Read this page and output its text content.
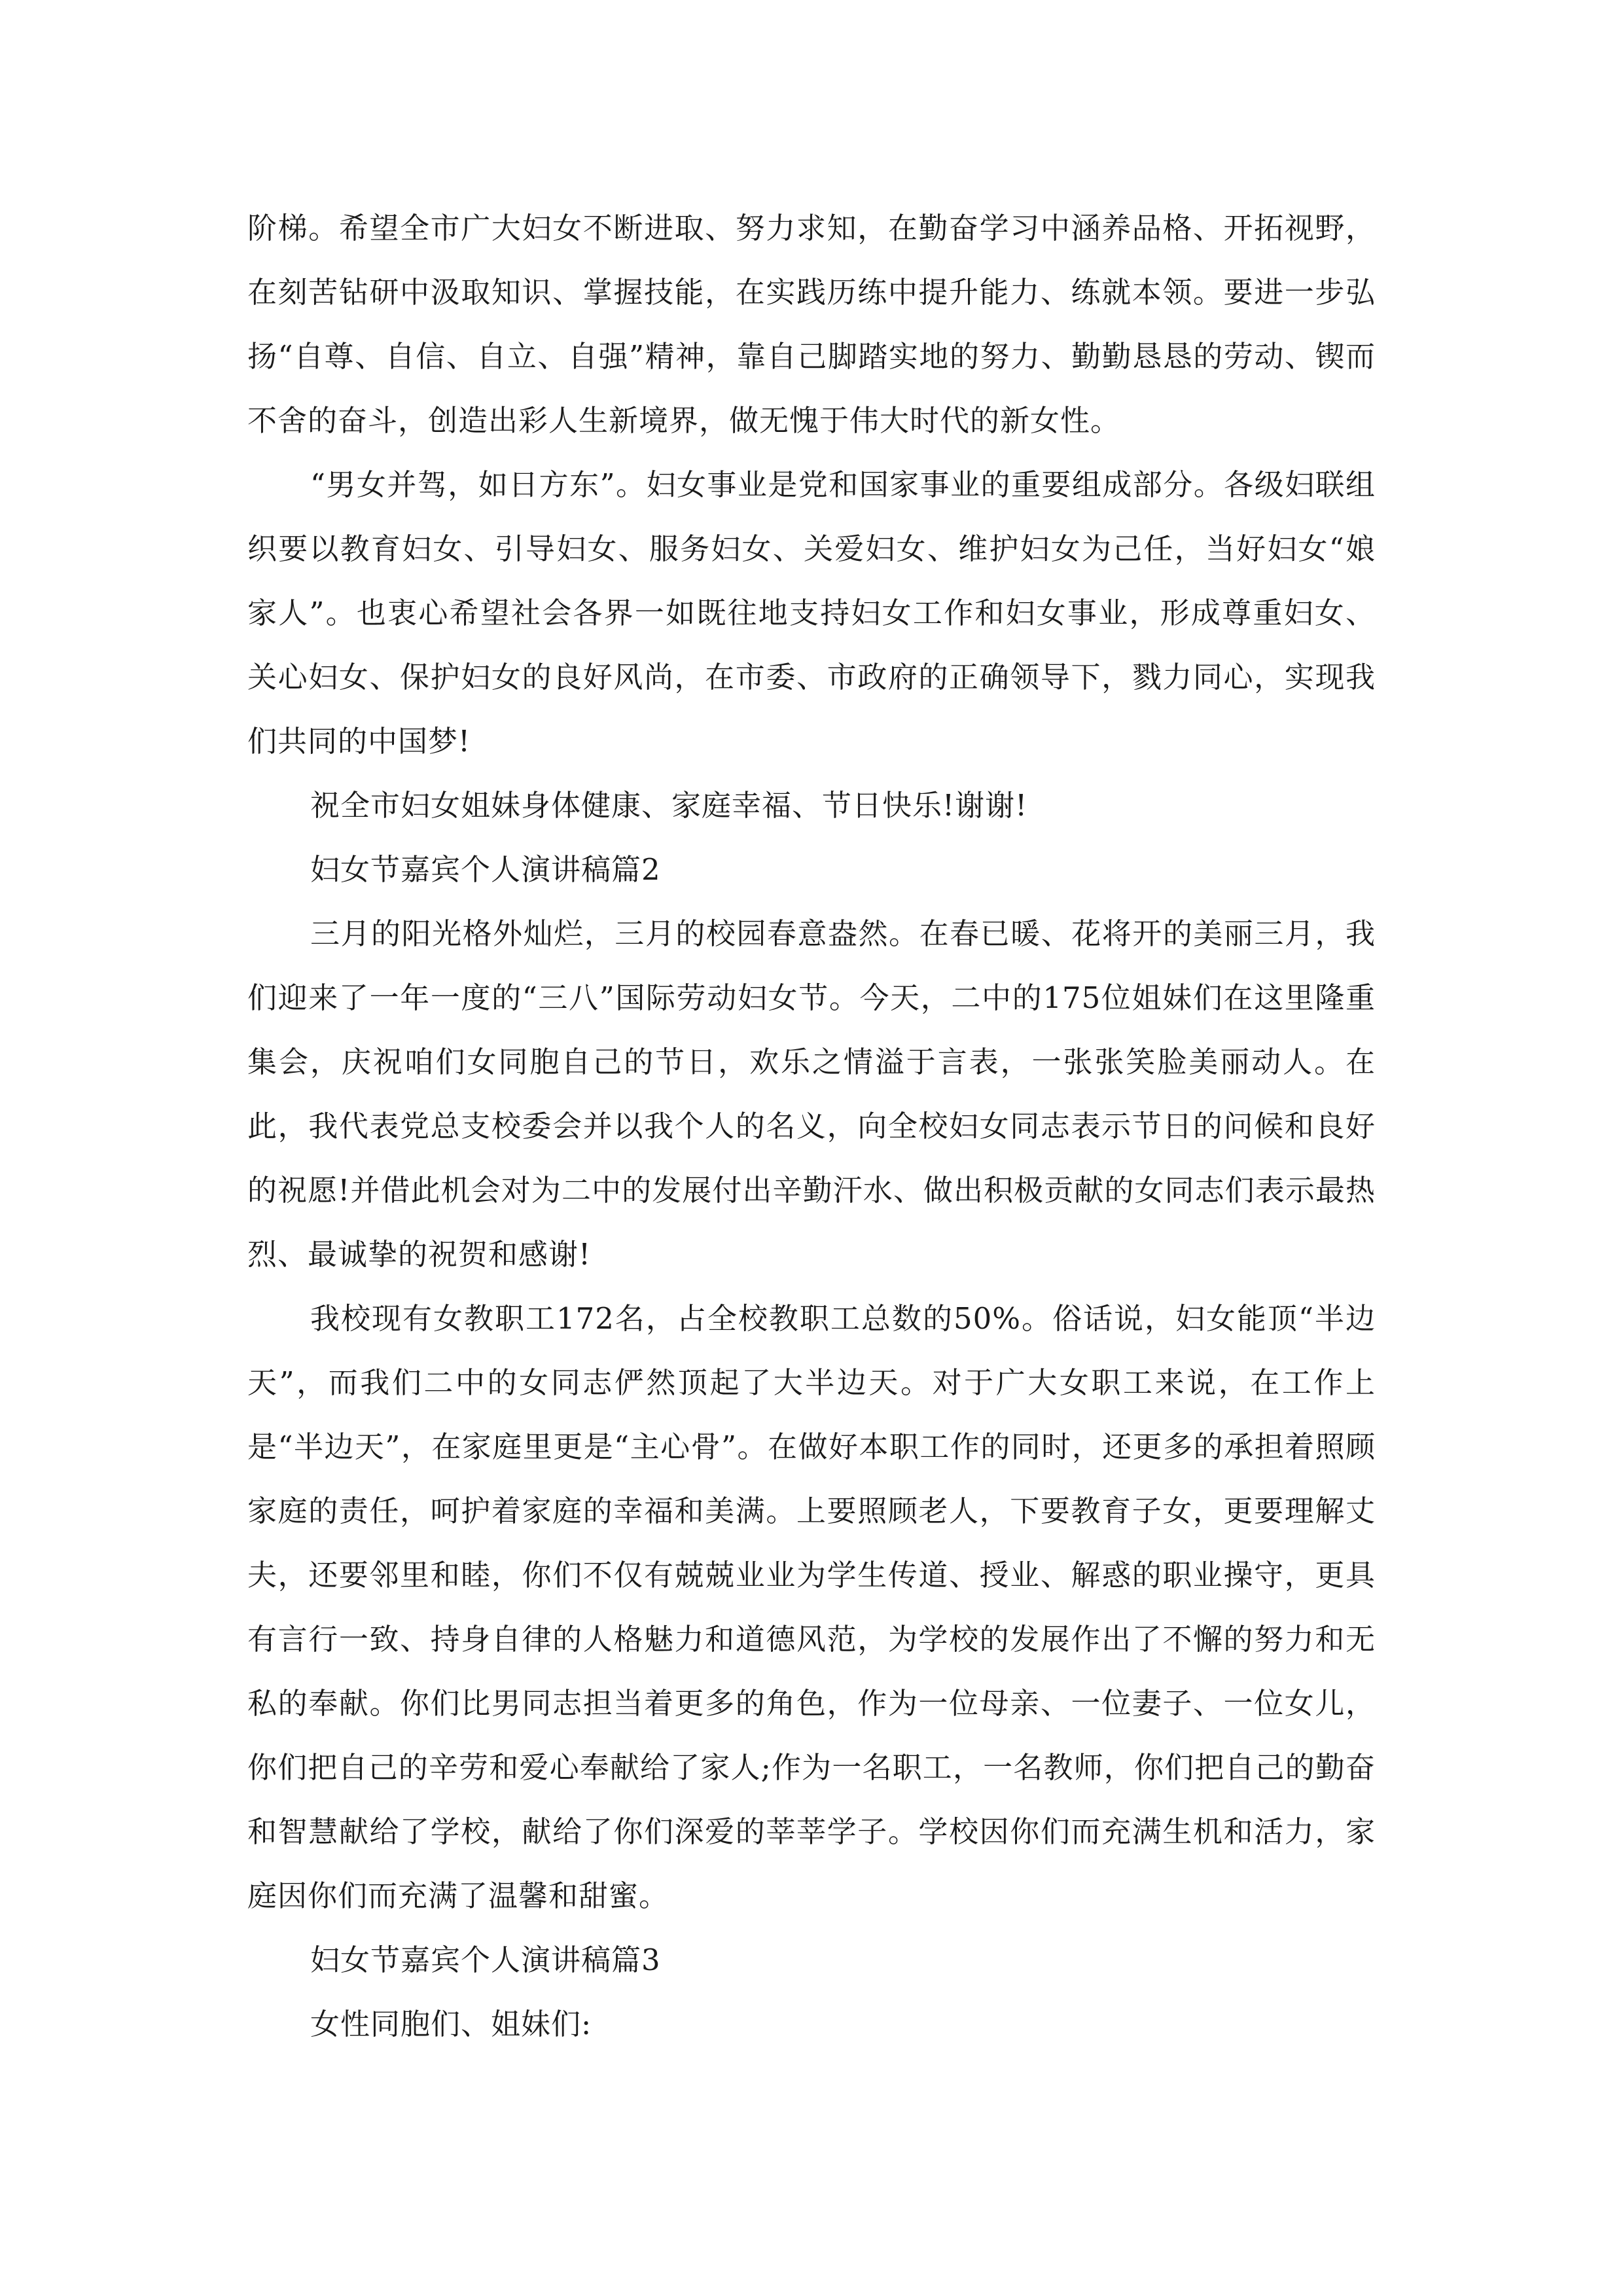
阶梯。希望全市广大妇女不断进取、努力求知，在勤奋学习中涵养品格、开拓视野，在刻苦钻研中汲取知识、掌握技能，在实践历练中提升能力、练就本领。要进一步弘扬“自尊、自信、自立、自强”精神，靠自己脚踏实地的努力、勤勤恳恳的劳动、锲而不舍的奋斗，创造出彩人生新境界，做无愧于伟大时代的新女性。

“男女并驾，如日方东”。妇女事业是党和国家事业的重要组成部分。各级妇联组织要以教育妇女、引导妇女、服务妇女、关爱妇女、维护妇女为己任，当好妇女“娘家人”。也衷心希望社会各界一如既往地支持妇女工作和妇女事业，形成尊重妇女、关心妇女、保护妇女的良好风尚，在市委、市政府的正确领导下，戮力同心，实现我们共同的中国梦!

祝全市妇女姐妹身体健康、家庭幸福、节日快乐!谢谢!

妇女节嘉宾个人演讲稿篇2

三月的阳光格外灿烂，三月的校园春意盎然。在春已暖、花将开的美丽三月，我们迎来了一年一度的“三八”国际劳动妇女节。今天，二中的175位姐妹们在这里隆重集会，庆祝咱们女同胞自己的节日，欢乐之情溢于言表，一张张笑脸美丽动人。在此，我代表党总支校委会并以我个人的名义，向全校妇女同志表示节日的问候和良好的祝愿!并借此机会对为二中的发展付出辛勤汗水、做出积极贡献的女同志们表示最热烈、最诚挚的祝贺和感谢!

我校现有女教职工172名，占全校教职工总数的50%。俗话说，妇女能顶“半边天”，而我们二中的女同志俨然顶起了大半边天。对于广大女职工来说，在工作上是“半边天”，在家庭里更是“主心骨”。在做好本职工作的同时，还更多的承担着照顾家庭的责任，呵护着家庭的幸福和美满。上要照顾老人，下要教育子女，更要理解丈夫，还要邻里和睦，你们不仅有兢兢业业为学生传道、授业、解惑的职业操守，更具有言行一致、持身自律的人格魅力和道德风范，为学校的发展作出了不懈的努力和无私的奉献。你们比男同志担当着更多的角色，作为一位母亲、一位妻子、一位女儿，你们把自己的辛劳和爱心奉献给了家人;作为一名职工，一名教师，你们把自己的勤奋和智慧献给了学校，献给了你们深爱的莘莘学子。学校因你们而充满生机和活力，家庭因你们而充满了温馨和甜蜜。

妇女节嘉宾个人演讲稿篇3

女性同胞们、姐妹们:
